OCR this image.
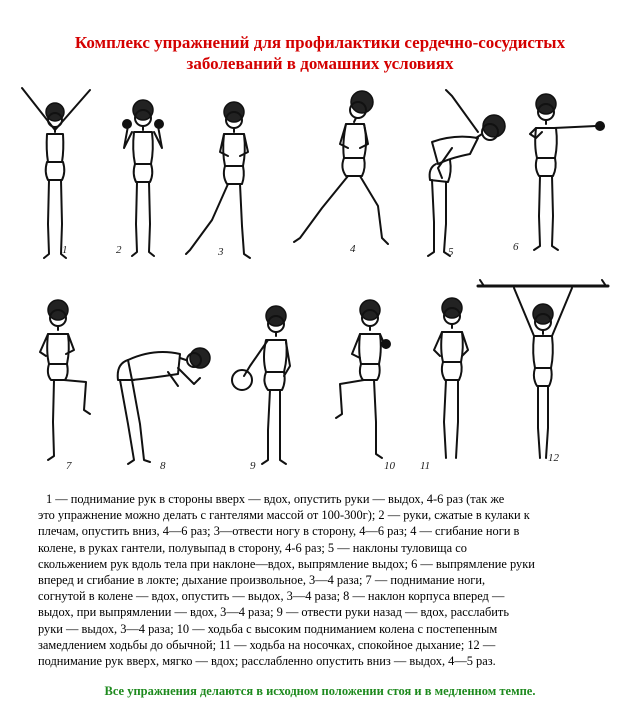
Комплекс упражнений для профилактики сердечно-сосудистых
заболеваний в домашних условиях
1	2	3	4	5	6
7	8	9	10 11
12
1 — поднимание рук в стороны вверх — вдох, опустить руки — выдох, 4-6 раз (так же
это упражнение можно делать с гантелями массой от 100-300г); 2 — руки, сжатые в кулаки к
плечам, опустить вниз, 4—6 раз; 3—отвести ногу в сторону, 4—6 раз; 4 — сгибание ноги в
колене, в руках гантели, полувыпад в сторону, 4-6 раз; 5 — наклоны туловища со
скольжением рук вдоль тела при наклоне—вдох, выпрямление выдох; 6 — выпрямление руки
вперед и сгибание в локте; дыхание произвольное, 3—4 раза; 7 — поднимание ноги,
согнутой в колене — вдох, опустить — выдох, 3—4 раза; 8 — наклон корпуса вперед —
выдох, при выпрямлении — вдох, 3—4 раза; 9 — отвести руки назад — вдох, расслабить
руки — выдох, 3—4 раза; 10 — ходьба с высоким подниманием колена с постепенным
замедлением ходьбы до обычной; 11 — ходьба на носочках, спокойное дыхание; 12 —
поднимание рук вверх, мягко — вдох; расслабленно опустить вниз — выдох, 4—5 раз.
Все упражнения делаются в исходном положении стоя и в медленном темпе.
